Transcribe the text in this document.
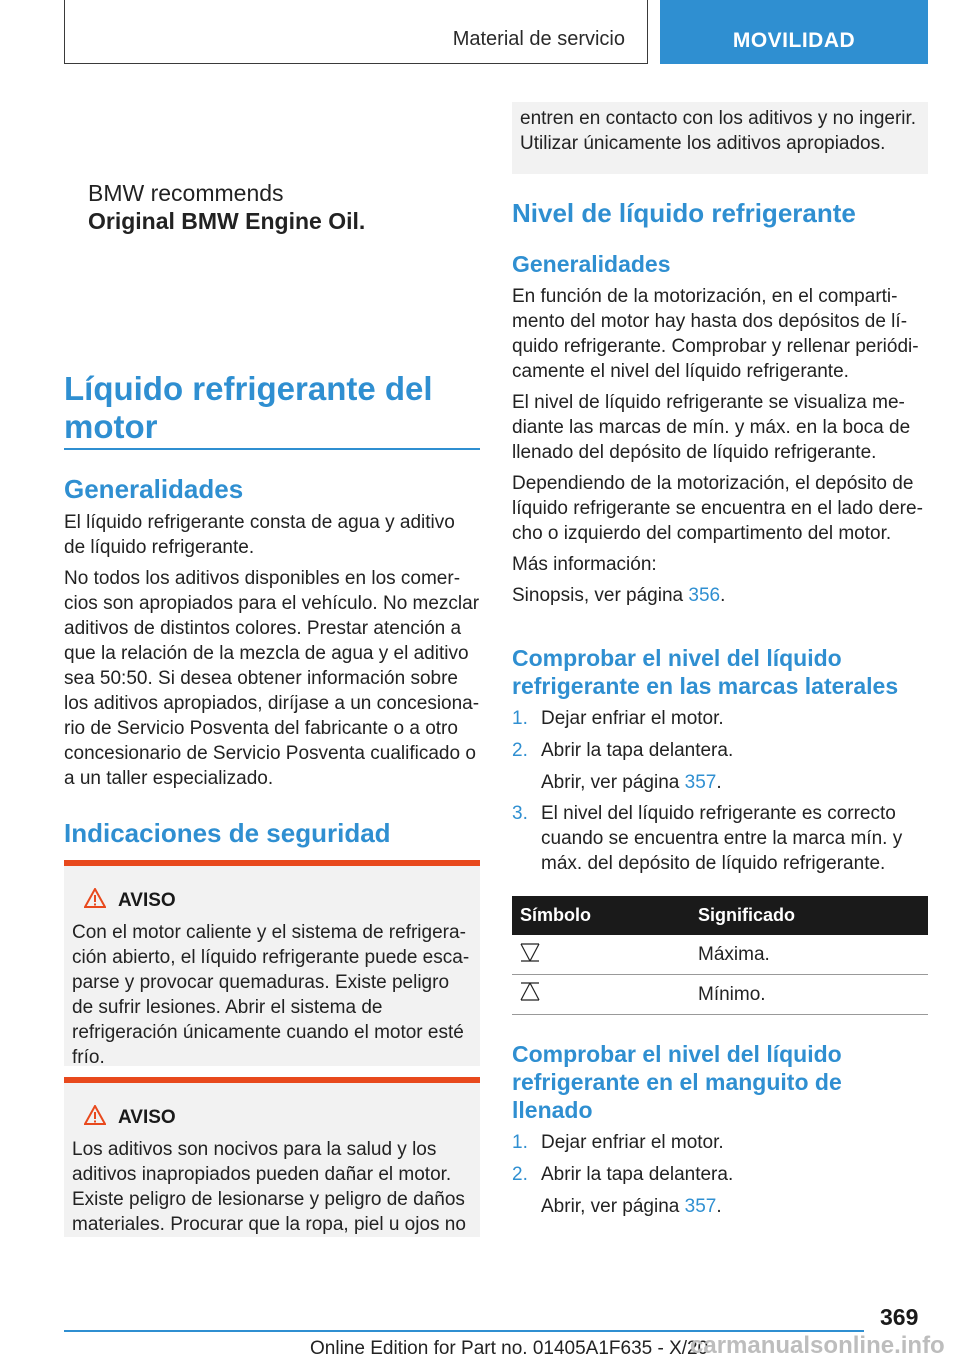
Material de servicio	MOVILIDAD
BMW recommends
Original BMW Engine Oil.
Líquido refrigerante del
motor
Generalidades

El líquido refrigerante consta de agua y aditivo de líquido refrigerante.

No todos los aditivos disponibles en los comercios son apropiados para el vehículo. No mezclar aditivos de distintos colores. Prestar atención a que la relación de la mezcla de agua y el aditivo sea 50:50. Si desea obtener información sobre los aditivos apropiados, diríjase a un concesionario de Servicio Posventa del fabricante o a otro concesionario de Servicio Posventa cualificado o a un taller especializado.

Indicaciones de seguridad
AVISO

Con el motor caliente y el sistema de refrigeración abierto, el líquido refrigerante puede escaparse y provocar quemaduras. Existe peligro de sufrir lesiones. Abrir el sistema de refrigeración únicamente cuando el motor esté frío.

AVISO

Los aditivos son nocivos para la salud y los aditivos inapropiados pueden dañar el motor. Existe peligro de lesionarse y peligro de daños materiales. Procurar que la ropa, piel u ojos no

entren en contacto con los aditivos y no ingerir. Utilizar únicamente los aditivos apropiados.

Nivel de líquido refrigerante
Generalidades

En función de la motorización, en el compartimento del motor hay hasta dos depósitos de líquido refrigerante. Comprobar y rellenar periódicamente el nivel del líquido refrigerante.

El nivel de líquido refrigerante se visualiza mediante las marcas de mín. y máx. en la boca de llenado del depósito de líquido refrigerante.

Dependiendo de la motorización, el depósito de líquido refrigerante se encuentra en el lado derecho o izquierdo del compartimento del motor.

Más información:

Sinopsis, ver página 356.

Comprobar el nivel del líquido refrigerante en las marcas laterales
1. Dejar enfriar el motor.
2. Abrir la tapa delantera.
Abrir, ver página 357.
3. El nivel del líquido refrigerante es correcto cuando se encuentra entre la marca mín. y máx. del depósito de líquido refrigerante.
Símbolo	Significado
	Máxima.
	Mínimo.
Comprobar el nivel del líquido refrigerante en el manguito de llenado
1. Dejar enfriar el motor.
2. Abrir la tapa delantera.
Abrir, ver página 357.
369
Online Edition for Part no. 01405A1F635 - X/20
carmanualsonline.info
